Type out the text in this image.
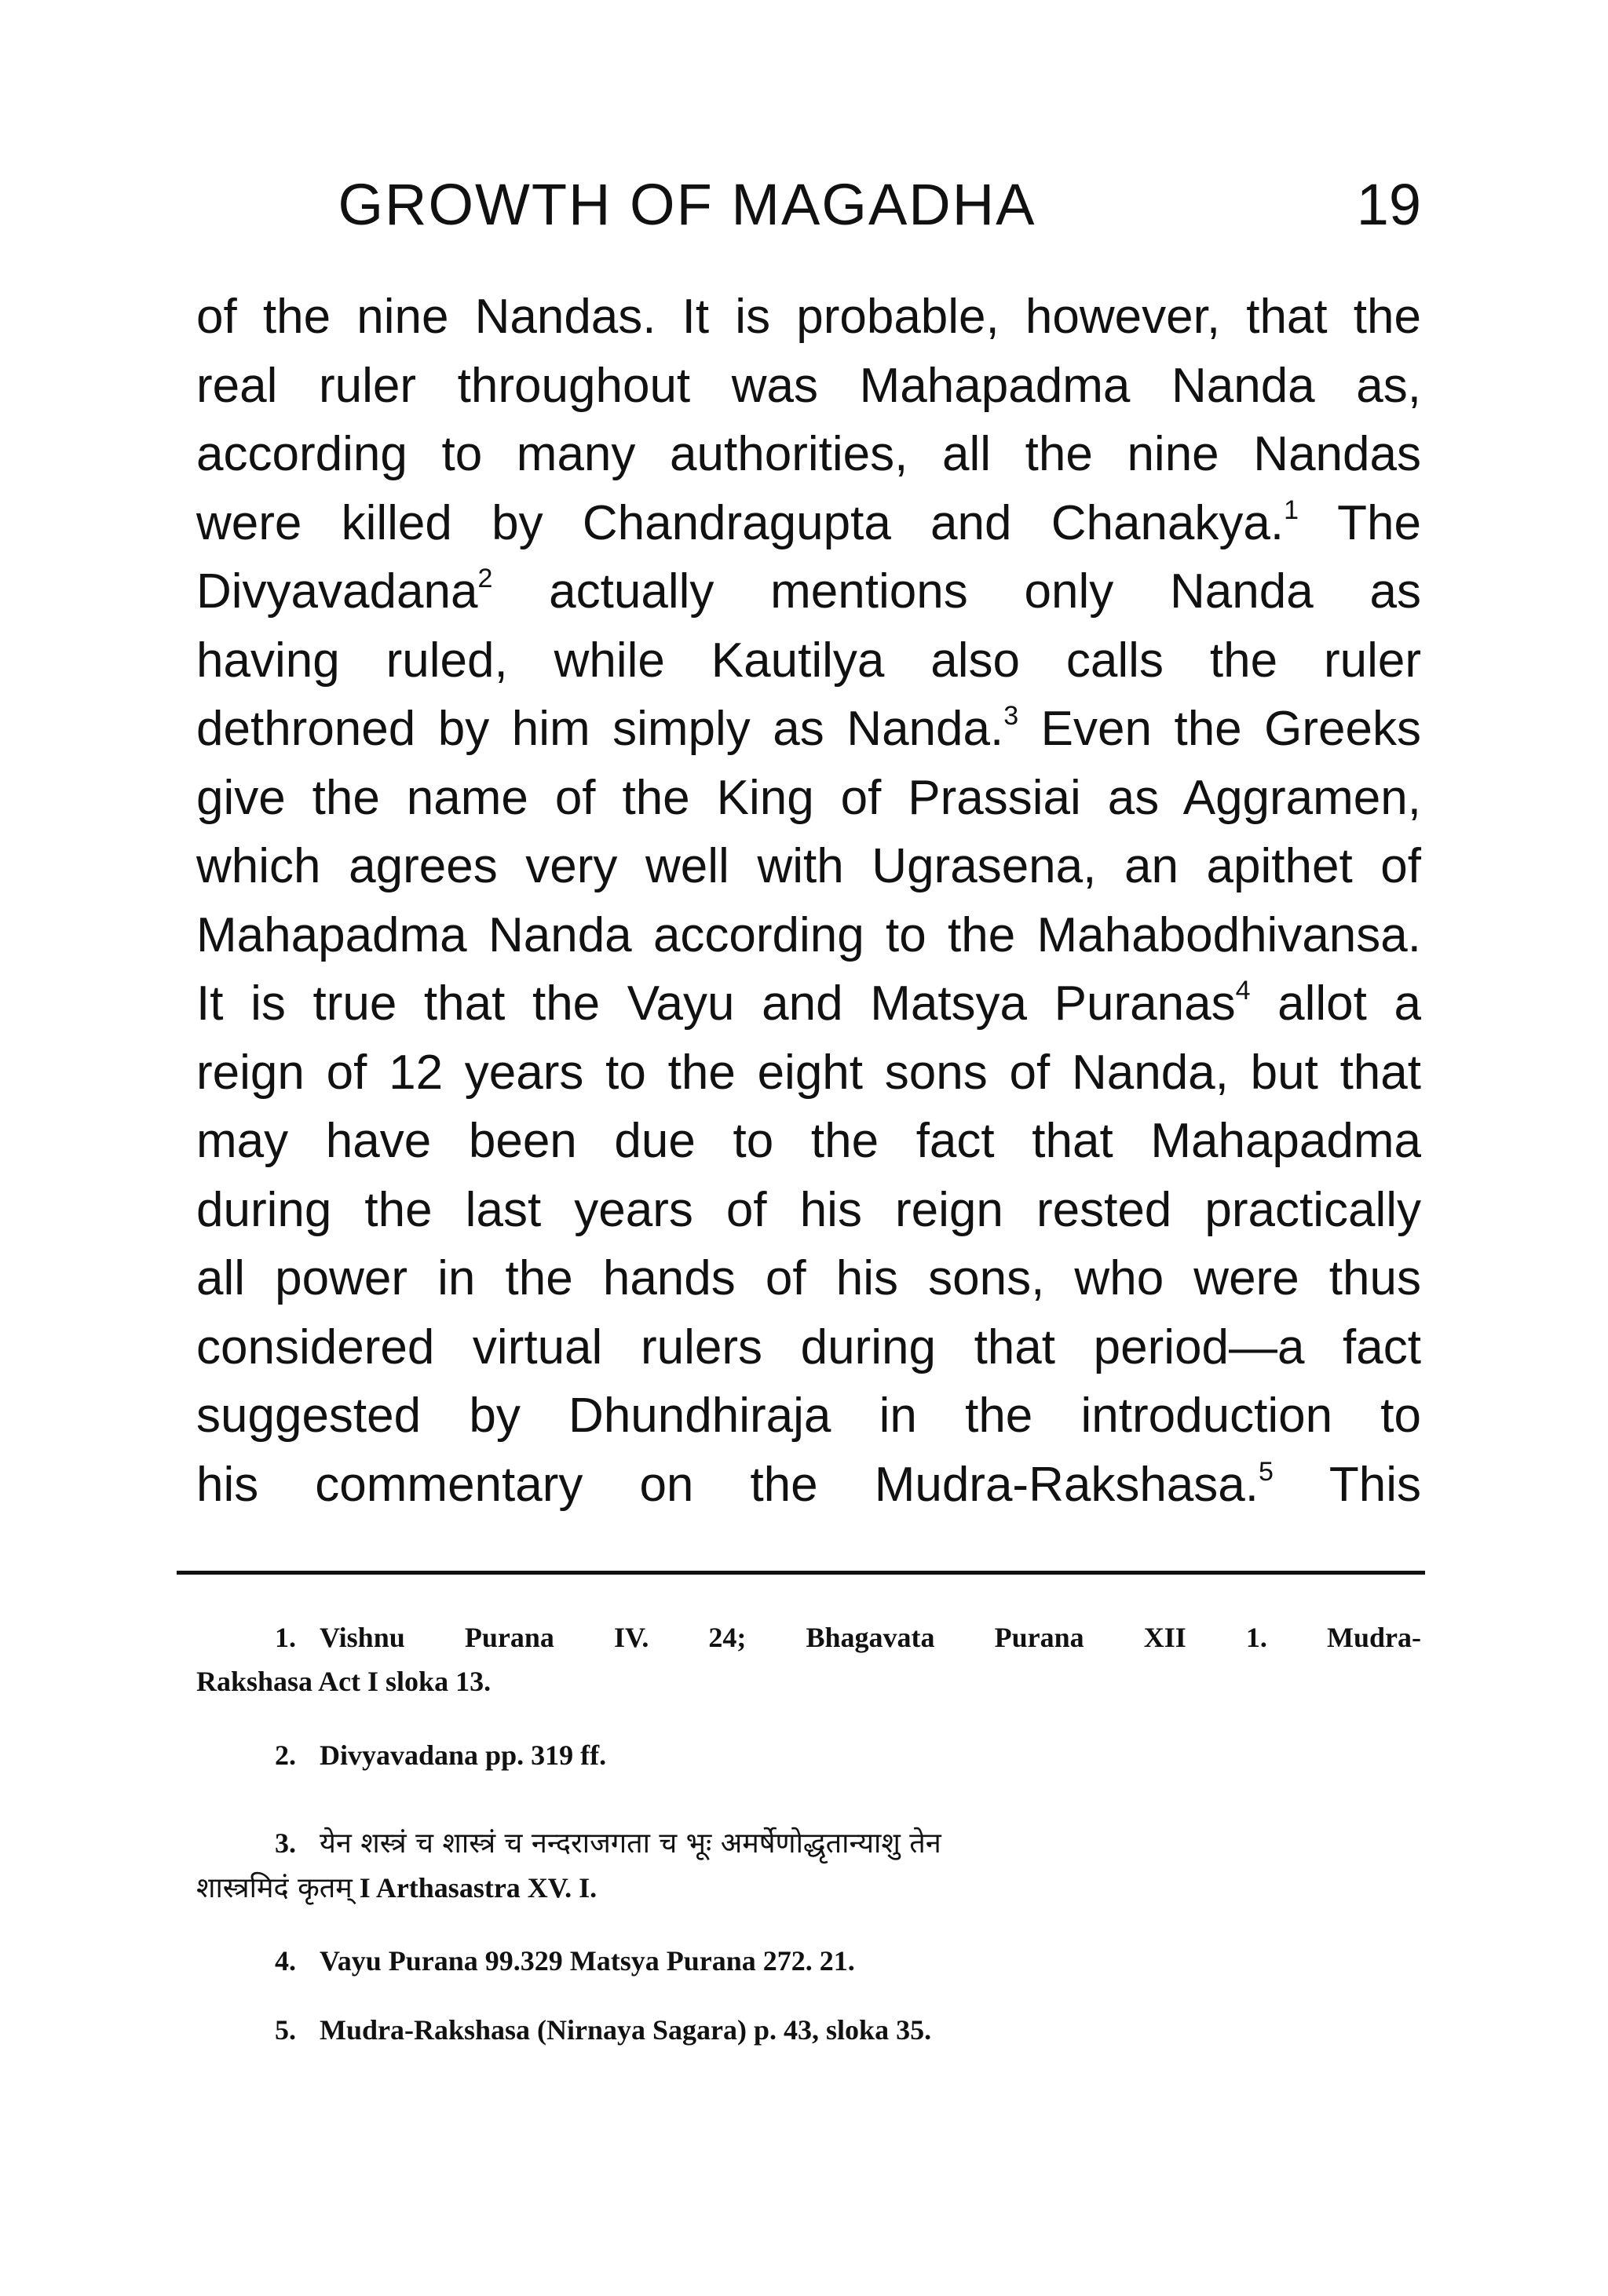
GROWTH OF MAGADHA	19
of the nine Nandas. It is probable, however, that the
real ruler throughout was Mahapadma Nanda as,
according to many authorities, all the nine Nandas
were killed by Chandragupta and Chanakya.$^1$ The
Divyavadana$^2$ actually mentions only Nanda as
having ruled, while Kautilya also calls the ruler
dethroned by him simply as Nanda.$^3$ Even the Greeks
give the name of the King of Prassiai as Aggramen,
which agrees very well with Ugrasena, an apithet of
Mahapadma Nanda according to the Mahabodhivansa.
It is true that the Vayu and Matsya Puranas$^4$ allot a
reign of 12 years to the eight sons of Nanda, but that
may have been due to the fact that Mahapadma
during the last years of his reign rested practically
all power in the hands of his sons, who were thus
considered virtual rulers during that period—a fact
suggested by Dhundhiraja in the introduction to
his commentary on the Mudra-Rakshasa.$^5$ This
1. Vishnu Purana IV. 24; Bhagavata Purana XII 1. Mudra-
Rakshasa Act I sloka 13.
2. Divyavadana pp. 319 ff.
3. येन शस्त्रं च शास्त्रं च नन्दराजगता च भूः अमर्षेणोद्धृतान्याशु तेन
शास्त्रमिदं कृतम् I Arthasastra XV. I.
4. Vayu Purana 99.329 Matsya Purana 272. 21.
5. Mudra-Rakshasa (Nirnaya Sagara) p. 43, sloka 35.
